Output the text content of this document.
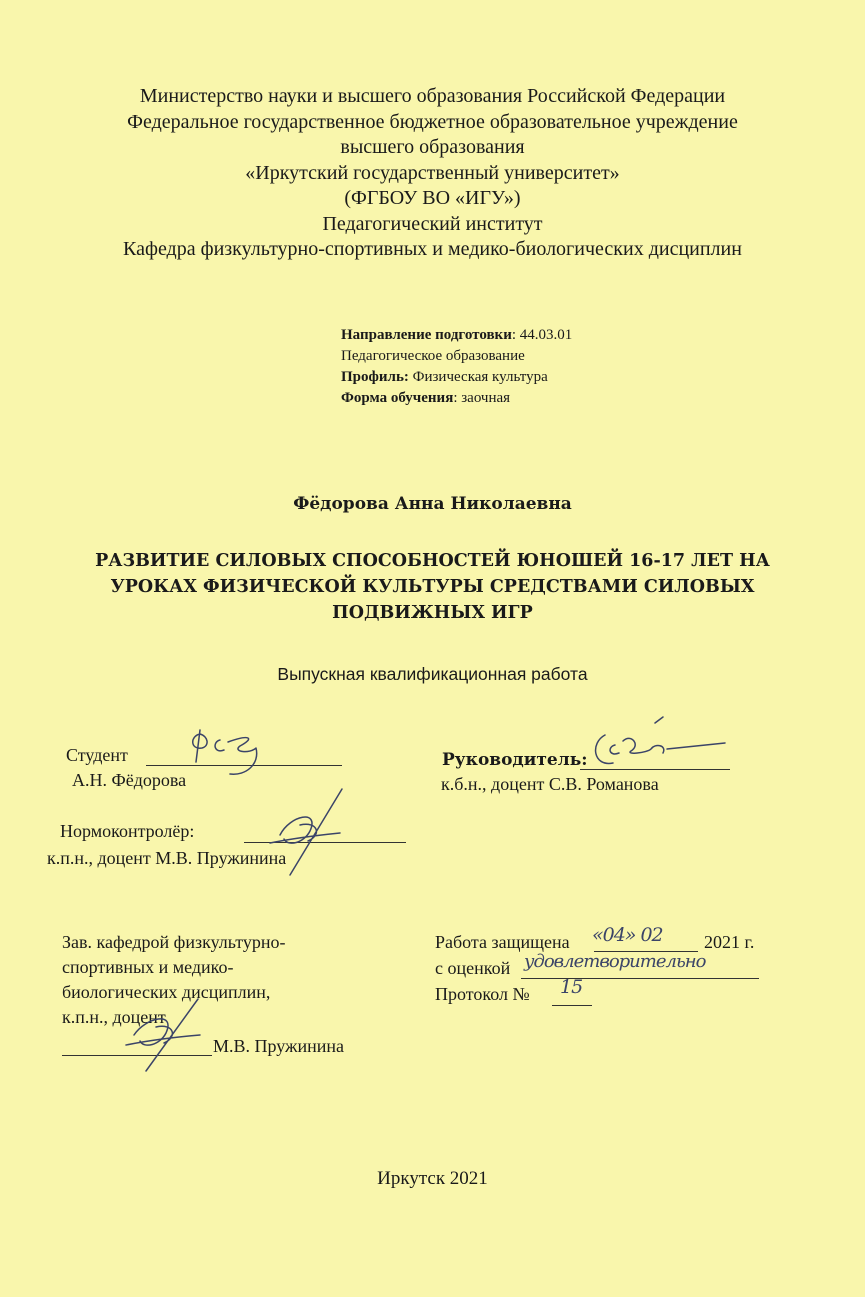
Министерство науки и высшего образования Российской Федерации
Федеральное государственное бюджетное образовательное учреждение
высшего образования
«Иркутский государственный университет»
(ФГБОУ ВО «ИГУ»)
Педагогический институт
Кафедра физкультурно-спортивных и медико-биологических дисциплин
Направление подготовки: 44.03.01
Педагогическое образование
Профиль: Физическая культура
Форма обучения: заочная
Фёдорова Анна Николаевна
РАЗВИТИЕ СИЛОВЫХ СПОСОБНОСТЕЙ ЮНОШЕЙ 16-17 ЛЕТ НА
УРОКАХ ФИЗИЧЕСКОЙ КУЛЬТУРЫ СРЕДСТВАМИ СИЛОВЫХ
ПОДВИЖНЫХ ИГР
Выпускная квалификационная работа
Студент
А.Н. Фёдорова
Руководитель:
к.б.н., доцент С.В. Романова
Нормоконтролёр:
к.п.н., доцент М.В. Пружинина
Зав. кафедрой физкультурно-
спортивных и медико-
биологических дисциплин,
к.п.н., доцент
М.В. Пружинина
Работа защищена «04» 02 2021 г.
с оценкой удовлетворительно
Протокол № 15
Иркутск 2021
